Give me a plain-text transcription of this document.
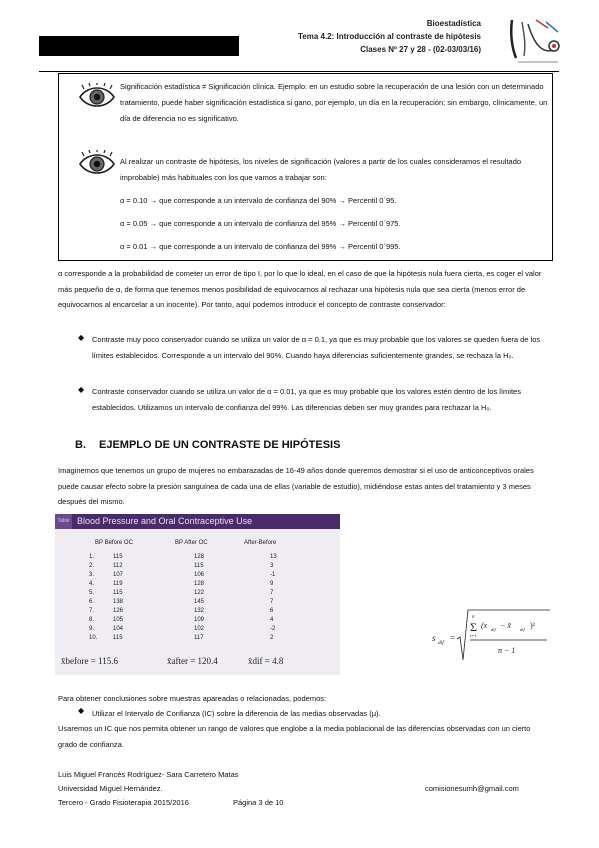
Bioestadística
Tema 4.2: Introducción al contraste de hipótesis
Clases Nº 27 y 28 - (02-03/03/16)
Significación estadística ≠ Significación clínica. Ejemplo: en un estudio sobre la recuperación de una lesión con un determinado tratamiento, puede haber significación estadística si gano, por ejemplo, un día en la recuperación; sin embargo, clínicamente, un día de diferencia no es significativo.
Al realizar un contraste de hipótesis, los niveles de significación (valores a partir de los cuales consideramos el resultado improbable) más habituales con los que vamos a trabajar son:
α = 0.10 → que corresponde a un intervalo de confianza del 90% → Percentil 0´95.
α = 0.05 → que corresponde a un intervalo de confianza del 95% → Percentil 0´975.
α = 0.01 → que corresponde a un intervalo de confianza del 99% → Percentil 0´995.
α corresponde a la probabilidad de cometer un error de tipo I, por lo que lo ideal, en el caso de que la hipótesis nula fuera cierta, es coger el valor más pequeño de α, de forma que tenemos menos posibilidad de equivocarnos al rechazar una hipótesis nula que sea cierta (menos error de equivocarnos al encarcelar a un inocente). Por tanto, aquí podemos introducir el concepto de contraste conservador:
◆ Contraste muy poco conservador cuando se utiliza un valor de α = 0.1, ya que es muy probable que los valores se queden fuera de los límites establecidos. Corresponde a un intervalo del 90%. Cuando haya diferencias suficientemente grandes, se rechaza la H₀.
◆ Contraste conservador cuando se utiliza un valor de α = 0.01, ya que es muy probable que los valores estén dentro de los límites establecidos. Utilizamos un intervalo de confianza del 99%. Las diferencias deben ser muy grandes para rechazar la H₀.
B. EJEMPLO DE UN CONTRASTE DE HIPÓTESIS
Imaginemos que tenemos un grupo de mujeres no embarazadas de 16-49 años donde queremos demostrar si el uso de anticonceptivos orales puede causar efecto sobre la presión sanguínea de cada una de ellas (variable de estudio), midiéndose estas antes del tratamiento y 3 meses después del mismo.
Table Blood Pressure and Oral Contraceptive Use
BP Before OC	BP After OC	After-Before
1.	115	128	13
2.	112	115	3
3.	107	106	-1
4.	119	128	9
5.	115	122	7
6.	138	145	7
7.	126	132	6
8.	105	109	4
9.	104	102	-2
10.	115	117	2
x̄before = 115.6	x̄after = 120.4	x̄dif = 4.8
s dif =
n
Σ
i=1
(x dif − x̄ dif )²
n − 1
Para obtener conclusiones sobre muestras apareadas o relacionadas, podemos:
◆ Utilizar el Intervalo de Confianza (IC) sobre la diferencia de las medias observadas (μ).
Usaremos un IC que nos permita obtener un rango de valores que englobe a la media poblacional de las diferencias observadas con un cierto grado de confianza.
Luis Miguel Francés Rodríguez- Sara Carretero Matas
Universidad Miguel Hernández.
Tercero - Grado Fisioterapia 2015/2016	Página 3 de 10
comisionesumh@gmail.com
